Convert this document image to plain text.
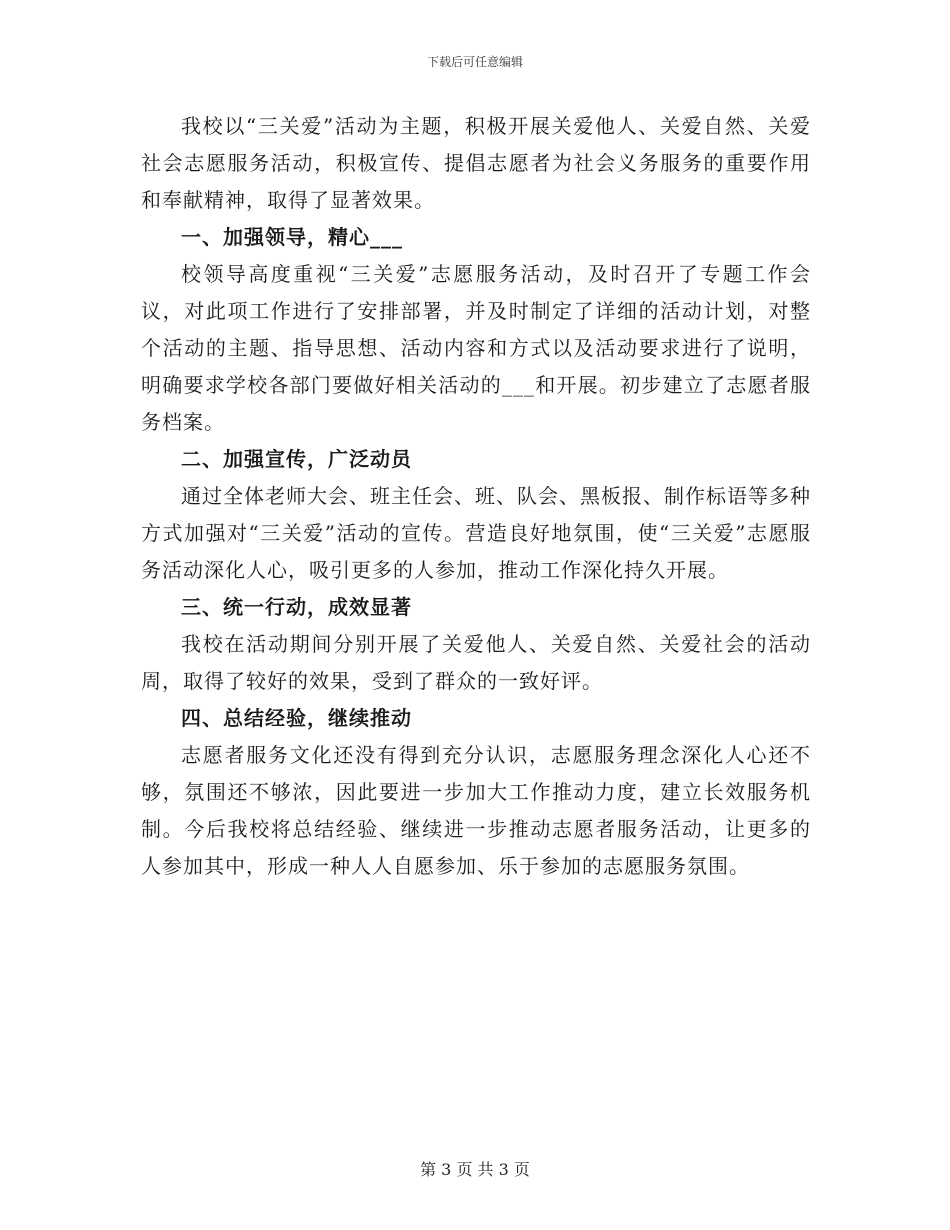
下载后可任意编辑

我校以“三关爱”活动为主题，积极开展关爱他人、关爱自然、关爱社会志愿服务活动，积极宣传、提倡志愿者为社会义务服务的重要作用和奉献精神，取得了显著效果。

一、加强领导，精心___

校领导高度重视“三关爱”志愿服务活动，及时召开了专题工作会议，对此项工作进行了安排部署，并及时制定了详细的活动计划，对整个活动的主题、指导思想、活动内容和方式以及活动要求进行了说明，明确要求学校各部门要做好相关活动的___和开展。初步建立了志愿者服务档案。

二、加强宣传，广泛动员

通过全体老师大会、班主任会、班、队会、黑板报、制作标语等多种方式加强对“三关爱”活动的宣传。营造良好地氛围，使“三关爱”志愿服务活动深化人心，吸引更多的人参加，推动工作深化持久开展。

三、统一行动，成效显著

我校在活动期间分别开展了关爱他人、关爱自然、关爱社会的活动周，取得了较好的效果，受到了群众的一致好评。

四、总结经验，继续推动

志愿者服务文化还没有得到充分认识，志愿服务理念深化人心还不够，氛围还不够浓，因此要进一步加大工作推动力度，建立长效服务机制。今后我校将总结经验、继续进一步推动志愿者服务活动，让更多的人参加其中，形成一种人人自愿参加、乐于参加的志愿服务氛围。

第 3 页 共 3 页
